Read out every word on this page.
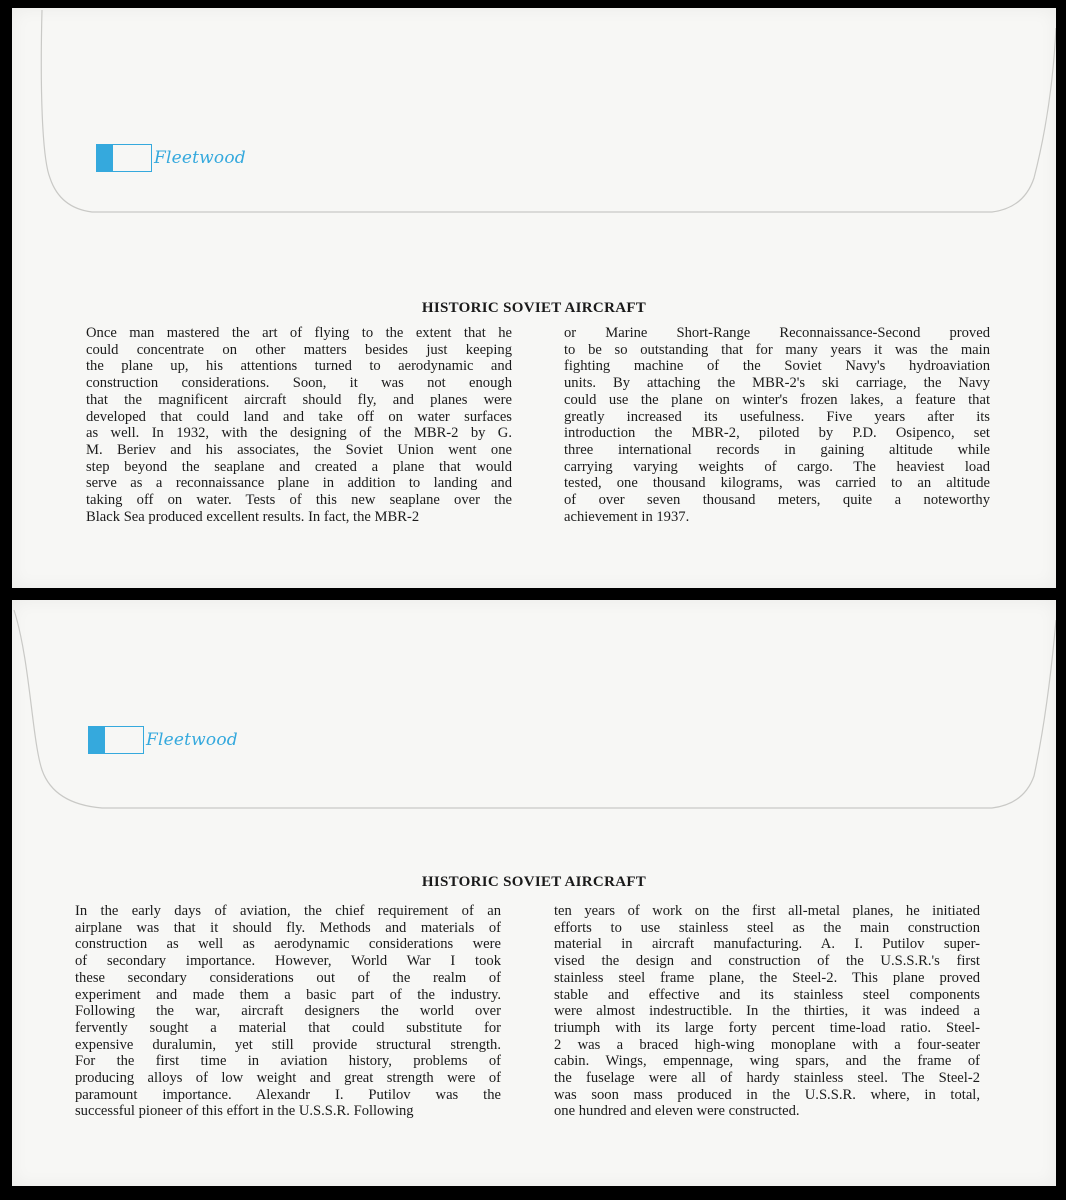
Fleetwood
HISTORIC SOVIET AIRCRAFT
Once man mastered the art of flying to the extent that he
could concentrate on other matters besides just keeping
the plane up, his attentions turned to aerodynamic and
construction considerations. Soon, it was not enough
that the magnificent aircraft should fly, and planes were
developed that could land and take off on water surfaces
as well. In 1932, with the designing of the MBR-2 by G.
M. Beriev and his associates, the Soviet Union went one
step beyond the seaplane and created a plane that would
serve as a reconnaissance plane in addition to landing and
taking off on water. Tests of this new seaplane over the
Black Sea produced excellent results. In fact, the MBR-2
or Marine Short-Range Reconnaissance-Second proved
to be so outstanding that for many years it was the main
fighting machine of the Soviet Navy's hydroaviation
units. By attaching the MBR-2's ski carriage, the Navy
could use the plane on winter's frozen lakes, a feature that
greatly increased its usefulness. Five years after its
introduction the MBR-2, piloted by P.D. Osipenco, set
three international records in gaining altitude while
carrying varying weights of cargo. The heaviest load
tested, one thousand kilograms, was carried to an altitude
of over seven thousand meters, quite a noteworthy
achievement in 1937.
Fleetwood
HISTORIC SOVIET AIRCRAFT
In the early days of aviation, the chief requirement of an
airplane was that it should fly. Methods and materials of
construction as well as aerodynamic considerations were
of secondary importance. However, World War I took
these secondary considerations out of the realm of
experiment and made them a basic part of the industry.
Following the war, aircraft designers the world over
fervently sought a material that could substitute for
expensive duralumin, yet still provide structural strength.
For the first time in aviation history, problems of
producing alloys of low weight and great strength were of
paramount importance. Alexandr I. Putilov was the
successful pioneer of this effort in the U.S.S.R. Following
ten years of work on the first all-metal planes, he initiated
efforts to use stainless steel as the main construction
material in aircraft manufacturing. A. I. Putilov super-
vised the design and construction of the U.S.S.R.'s first
stainless steel frame plane, the Steel-2. This plane proved
stable and effective and its stainless steel components
were almost indestructible. In the thirties, it was indeed a
triumph with its large forty percent time-load ratio. Steel-
2 was a braced high-wing monoplane with a four-seater
cabin. Wings, empennage, wing spars, and the frame of
the fuselage were all of hardy stainless steel. The Steel-2
was soon mass produced in the U.S.S.R. where, in total,
one hundred and eleven were constructed.
